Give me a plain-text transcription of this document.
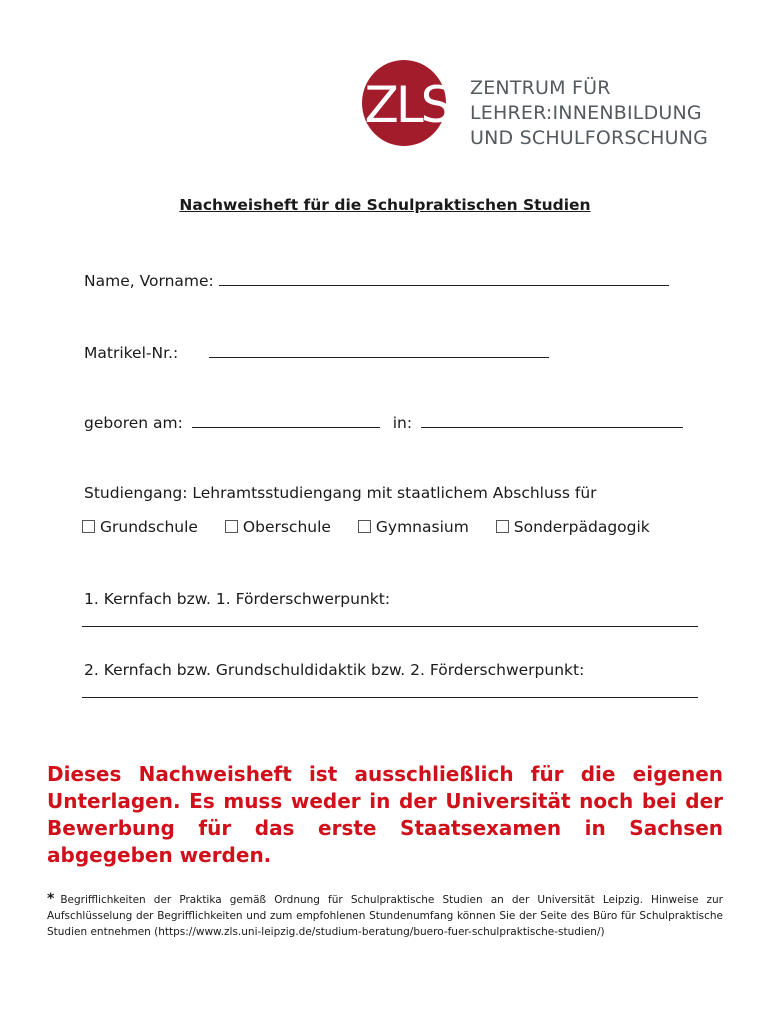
ZLS ZENTRUM FÜR
LEHRER:INNENBILDUNG
UND SCHULFORSCHUNG
Nachweisheft für die Schulpraktischen Studien
Name, Vorname:
Matrikel-Nr.:
geboren am:	in:
Studiengang: Lehramtsstudiengang mit staatlichem Abschluss für
Grundschule	Oberschule	Gymnasium	Sonderpädagogik
1. Kernfach bzw. 1. Förderschwerpunkt:
2. Kernfach bzw. Grundschuldidaktik bzw. 2. Förderschwerpunkt:
Dieses Nachweisheft ist ausschließlich für die eigenen Unterlagen. Es muss weder in der Universität noch bei der Bewerbung für das erste Staatsexamen in Sachsen abgegeben werden.
* Begrifflichkeiten der Praktika gemäß Ordnung für Schulpraktische Studien an der Universität Leipzig. Hinweise zur Aufschlüsselung der Begrifflichkeiten und zum empfohlenen Stundenumfang können Sie der Seite des Büro für Schulpraktische Studien entnehmen (https://www.zls.uni-leipzig.de/studium-beratung/buero-fuer-schulpraktische-studien/)
